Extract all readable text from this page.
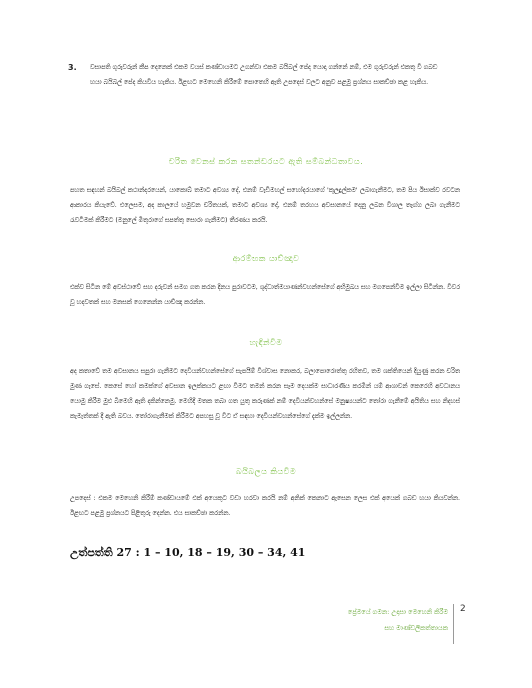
3.	වසාපති ගුරුවරුන් කීප දෙනෙක් එකම වයස් කණ්ඩායමට උගන්වා එකම බයිබල් පේද යොදා ගන්නේ නම්, එම ගුරුවරුන් එකතු වී ගබඩ හයා බයිබල් පේද කියවිය හැකිය. ඊළඟට මෙහෙනි කිරීමේ පොතෙහි ඇති උපදෙස් වලට අනුව පළමු ප්‍රශ්නය සාකච්ඡා කළ හැකිය.
චරිත වෙනස් කරන සතන්ඩරයට ඇති සම්බන්ධතාවය.
පහත සඳහන් බයිබල් කථාන්දරයෙන්, යාකොබ් තමාට අවශ්‍ය දේ, එනම් වැඩිමහල් සහෝදරයාගේ 'කුලදුල්කම' ලබාගැනීමට, තම පිය ඊසාක්ව රවටන ආකාරය කියැවේ. එලෙසම, අද කාලයේ හමුවන චරිතයක්, තමාට අවශ්‍ය දේ, එනම් තරහය අවසානයේ දෙනු ලබන විශාල තෑග්ග ලබා ගැනීමට රැවටීමක් කිරීමට (මනුලේ මිතුරාගේ සපත්තු සොරා ගැනීමට) තීරණය කරයි.
ආරම්භක යාච්ඤාව
එක්ව සිටින මේ අවස්ථාවේ සහ දරුවන් සමග ගත කරන දිනය පුරාවටම, ශුද්ධාත්මයාණන්වහන්සේගේ අභිමුඛය සහ මගපෙන්වීම ඉල්ලා සිටින්න. විවර වූ හදවතක් සහ මනසක් ගෙනෙන්න යාච්ඤා කරන්න.
හැඳින්වීම
අද කතාවේ තම අවසානය සපුරා ගැනීමට දෙවියන්වහන්සේගේ සැපයීම් විශ්වාස නොකර, බලාපොරොත්තු රහිතව, තම ශක්තියෙන් දියුණු කරන චරිත මුණ ගැසේ. කෙසේ හෝ කමක්ගේ අවසාන ඉලක්කයට ළඟා වීමට තමන් කරන සෑම දෙයක්ම සාධාරණීය කරමින් යම් ආශාවන් කෙරෙහි අවධානය යොමු කිරීම මුළු බිමෙහි ඇති දකින්නෙමු. මෙහිදී මතක තබා ගත යුතු කරුණක් නම් දෙවියන්වහන්සේ මනුෂ්‍යයන්ට තෝරා ගැනීමේ අයිතිය සහ නිදහස් කැමැත්තක් දී ඇති බවය. තෝරාගැනීමක් කිරීමට අපහසු වූ විට ඒ සඳහා දෙවියන්වහන්සේගේ දැක්ම ඉල්ලන්න.
බයිබලය කියවීම
උපදෙස් : එකම මෙහෙනි කිරීම් කණ්ඩායමේ එක් අයෙකුට වඩා හරවා කරයි නම් අනික් කෙනාට ඇසෙන ලෙස එක් අයෙක් ගබඩ හයා කියවන්න. ඊළඟට පළමු ප්‍රශ්නයට පිළිතුරු දෙන්න. එය සාකච්ඡා කරන්න.
උත්පත්ති 27 : 1 – 10, 18 – 19, 30 – 34, 41
ප්‍රේමයේ ගමන: උදාසා මෙහෙනි කිරීම
සහ මාණ්ඩලිකත්තායක
2
